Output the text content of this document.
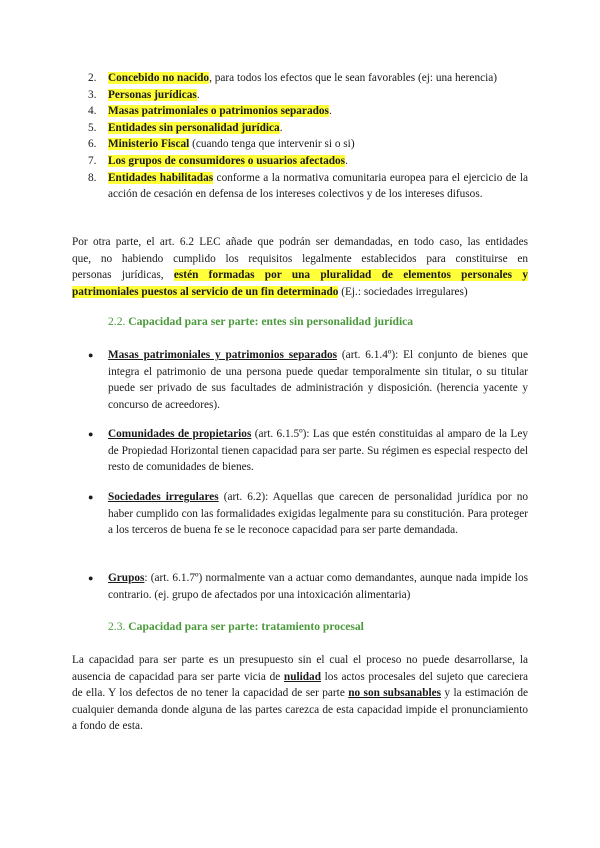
2. Concebido no nacido, para todos los efectos que le sean favorables (ej: una herencia)
3. Personas jurídicas.
4. Masas patrimoniales o patrimonios separados.
5. Entidades sin personalidad jurídica.
6. Ministerio Fiscal (cuando tenga que intervenir si o si)
7. Los grupos de consumidores o usuarios afectados.
8. Entidades habilitadas conforme a la normativa comunitaria europea para el ejercicio de la acción de cesación en defensa de los intereses colectivos y de los intereses difusos.
Por otra parte, el art. 6.2 LEC añade que podrán ser demandadas, en todo caso, las entidades
que, no habiendo cumplido los requisitos legalmente establecidos para constituirse en
personas jurídicas, estén formadas por una pluralidad de elementos personales y
patrimoniales puestos al servicio de un fin determinado (Ej.: sociedades irregulares)
2.2. Capacidad para ser parte: entes sin personalidad jurídica
● Masas patrimoniales y patrimonios separados (art. 6.1.4º): El conjunto de bienes que integra el patrimonio de una persona puede quedar temporalmente sin titular, o su titular puede ser privado de sus facultades de administración y disposición. (herencia yacente y concurso de acreedores).
● Comunidades de propietarios (art. 6.1.5º): Las que estén constituidas al amparo de la Ley de Propiedad Horizontal tienen capacidad para ser parte. Su régimen es especial respecto del resto de comunidades de bienes.
● Sociedades irregulares (art. 6.2): Aquellas que carecen de personalidad jurídica por no haber cumplido con las formalidades exigidas legalmente para su constitución. Para proteger a los terceros de buena fe se le reconoce capacidad para ser parte demandada.
● Grupos: (art. 6.1.7º) normalmente van a actuar como demandantes, aunque nada impide los contrario. (ej. grupo de afectados por una intoxicación alimentaria)
2.3. Capacidad para ser parte: tratamiento procesal
La capacidad para ser parte es un presupuesto sin el cual el proceso no puede desarrollarse, la ausencia de capacidad para ser parte vicia de nulidad los actos procesales del sujeto que careciera de ella. Y los defectos de no tener la capacidad de ser parte no son subsanables y la estimación de cualquier demanda donde alguna de las partes carezca de esta capacidad impide el pronunciamiento a fondo de esta.
